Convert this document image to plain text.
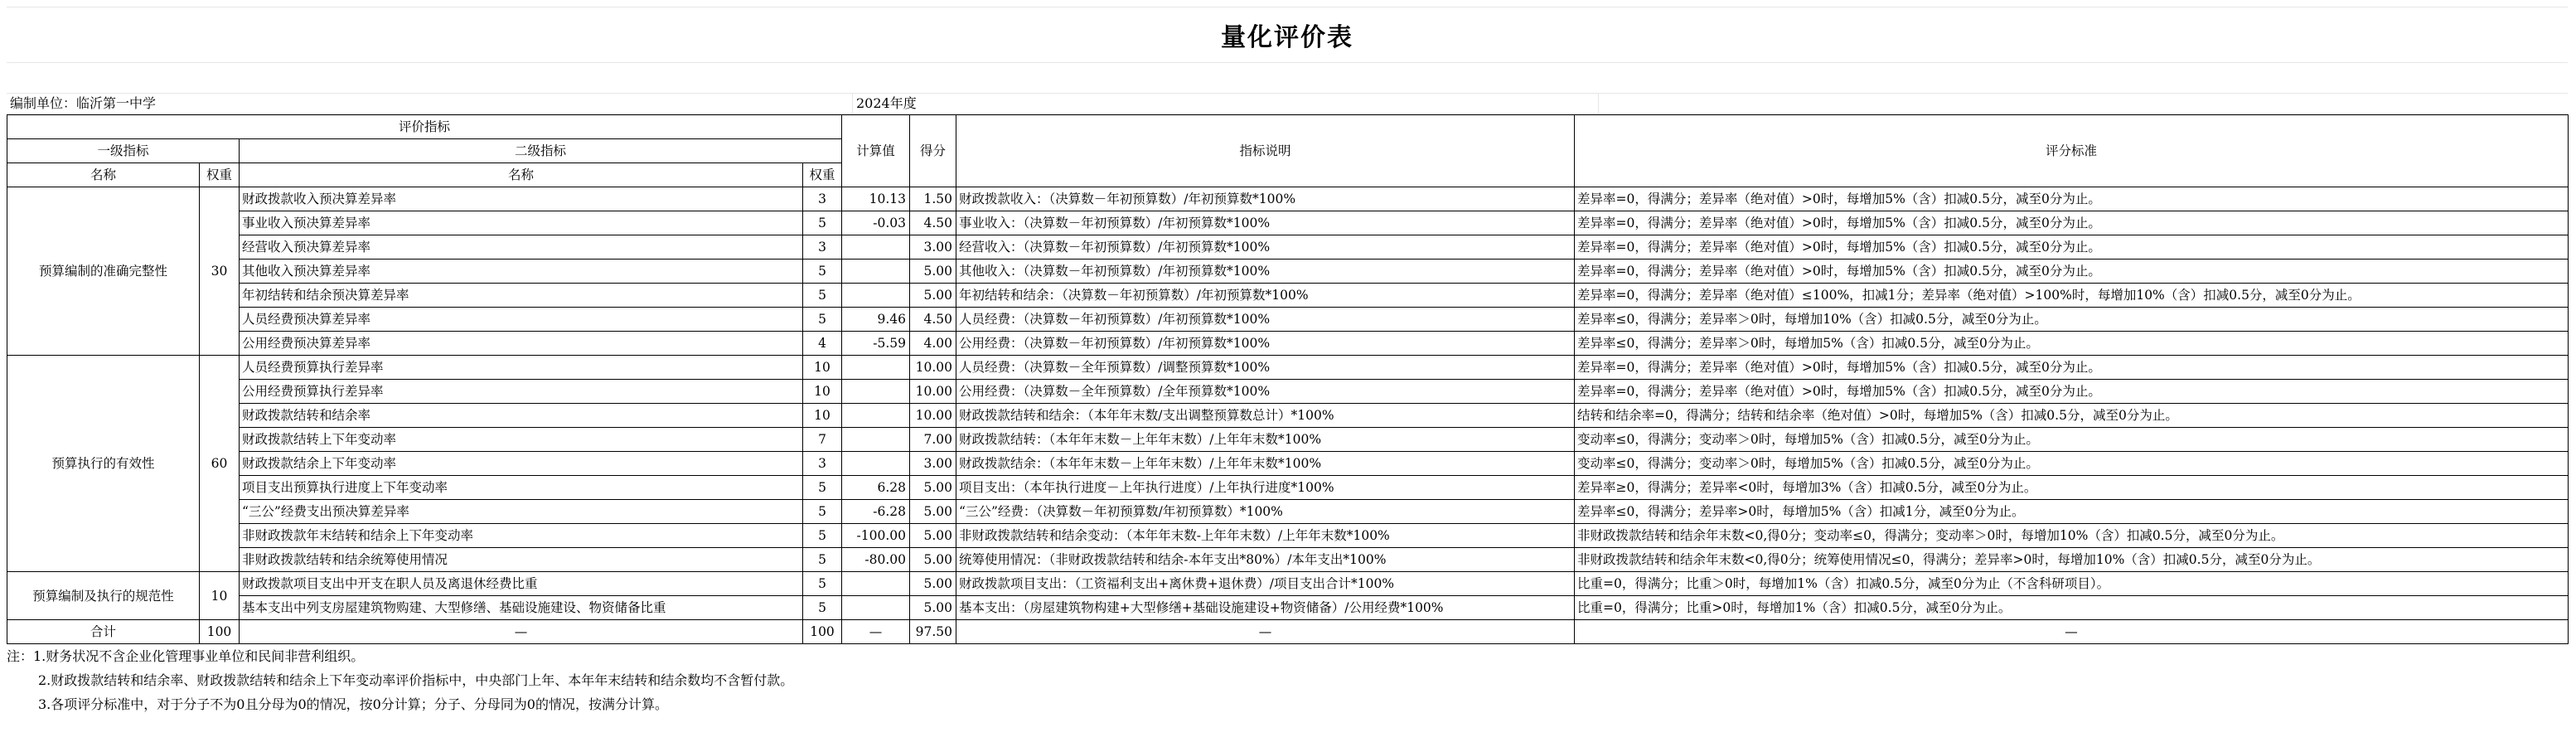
量化评价表
编制单位：临沂第一中学	2024年度
评价指标				计算值	得分	指标说明	评分标准
一级指标		二级指标					
名称	权重	名称	权重				
预算编制的准确完整性	30	财政拨款收入预决算差异率	3	10.13	1.50	财政拨款收入：（决算数－年初预算数）/年初预算数*100%	差异率=0，得满分；差异率（绝对值）>0时，每增加5%（含）扣减0.5分，减至0分为止。
		事业收入预决算差异率	5	-0.03	4.50	事业收入：（决算数－年初预算数）/年初预算数*100%	差异率=0，得满分；差异率（绝对值）>0时，每增加5%（含）扣减0.5分，减至0分为止。
		经营收入预决算差异率	3		3.00	经营收入：（决算数－年初预算数）/年初预算数*100%	差异率=0，得满分；差异率（绝对值）>0时，每增加5%（含）扣减0.5分，减至0分为止。
		其他收入预决算差异率	5		5.00	其他收入：（决算数－年初预算数）/年初预算数*100%	差异率=0，得满分；差异率（绝对值）>0时，每增加5%（含）扣减0.5分，减至0分为止。
		年初结转和结余预决算差异率	5		5.00	年初结转和结余：（决算数－年初预算数）/年初预算数*100%	差异率=0，得满分；差异率（绝对值）≤100%，扣减1分；差异率（绝对值）>100%时，每增加10%（含）扣减0.5分，减至0分为止。
		人员经费预决算差异率	5	9.46	4.50	人员经费：（决算数－年初预算数）/年初预算数*100%	差异率≤0，得满分；差异率＞0时，每增加10%（含）扣减0.5分，减至0分为止。
		公用经费预决算差异率	4	-5.59	4.00	公用经费：（决算数－年初预算数）/年初预算数*100%	差异率≤0，得满分；差异率＞0时，每增加5%（含）扣减0.5分，减至0分为止。
预算执行的有效性	60	人员经费预算执行差异率	10		10.00	人员经费：（决算数－全年预算数）/调整预算数*100%	差异率=0，得满分；差异率（绝对值）>0时，每增加5%（含）扣减0.5分，减至0分为止。
		公用经费预算执行差异率	10		10.00	公用经费：（决算数－全年预算数）/全年预算数*100%	差异率=0，得满分；差异率（绝对值）>0时，每增加5%（含）扣减0.5分，减至0分为止。
		财政拨款结转和结余率	10		10.00	财政拨款结转和结余：（本年年末数/支出调整预算数总计）*100%	结转和结余率=0，得满分；结转和结余率（绝对值）>0时，每增加5%（含）扣减0.5分，减至0分为止。
		财政拨款结转上下年变动率	7		7.00	财政拨款结转：（本年年末数－上年年末数）/上年年末数*100%	变动率≤0，得满分；变动率＞0时，每增加5%（含）扣减0.5分，减至0分为止。
		财政拨款结余上下年变动率	3		3.00	财政拨款结余：（本年年末数－上年年末数）/上年年末数*100%	变动率≤0，得满分；变动率＞0时，每增加5%（含）扣减0.5分，减至0分为止。
		项目支出预算执行进度上下年变动率	5	6.28	5.00	项目支出：（本年执行进度－上年执行进度）/上年执行进度*100%	差异率≥0，得满分；差异率<0时，每增加3%（含）扣减0.5分，减至0分为止。
		“三公”经费支出预决算差异率	5	-6.28	5.00	“三公”经费：（决算数－年初预算数/年初预算数）*100%	差异率≤0，得满分；差异率>0时，每增加5%（含）扣减1分，减至0分为止。
		非财政拨款年末结转和结余上下年变动率	5	-100.00	5.00	非财政拨款结转和结余变动：（本年年末数-上年年末数）/上年年末数*100%	非财政拨款结转和结余年末数<0,得0分；变动率≤0，得满分；变动率＞0时，每增加10%（含）扣减0.5分，减至0分为止。
		非财政拨款结转和结余统筹使用情况	5	-80.00	5.00	统筹使用情况：（非财政拨款结转和结余-本年支出*80%）/本年支出*100%	非财政拨款结转和结余年末数<0,得0分；统筹使用情况≤0，得满分；差异率>0时，每增加10%（含）扣减0.5分，减至0分为止。
预算编制及执行的规范性	10	财政拨款项目支出中开支在职人员及离退休经费比重	5		5.00	财政拨款项目支出：（工资福利支出+离休费+退休费）/项目支出合计*100%	比重=0，得满分；比重＞0时，每增加1%（含）扣减0.5分，减至0分为止（不含科研项目）。
		基本支出中列支房屋建筑物购建、大型修缮、基础设施建设、物资储备比重	5		5.00	基本支出：（房屋建筑物构建+大型修缮+基础设施建设+物资储备）/公用经费*100%	比重=0，得满分；比重>0时，每增加1%（含）扣减0.5分，减至0分为止。
合计	100	—	100	—	97.50	—	—
注：1.财务状况不含企业化管理事业单位和民间非营利组织。
2.财政拨款结转和结余率、财政拨款结转和结余上下年变动率评价指标中，中央部门上年、本年年末结转和结余数均不含暂付款。
3.各项评分标准中，对于分子不为0且分母为0的情况，按0分计算；分子、分母同为0的情况，按满分计算。
